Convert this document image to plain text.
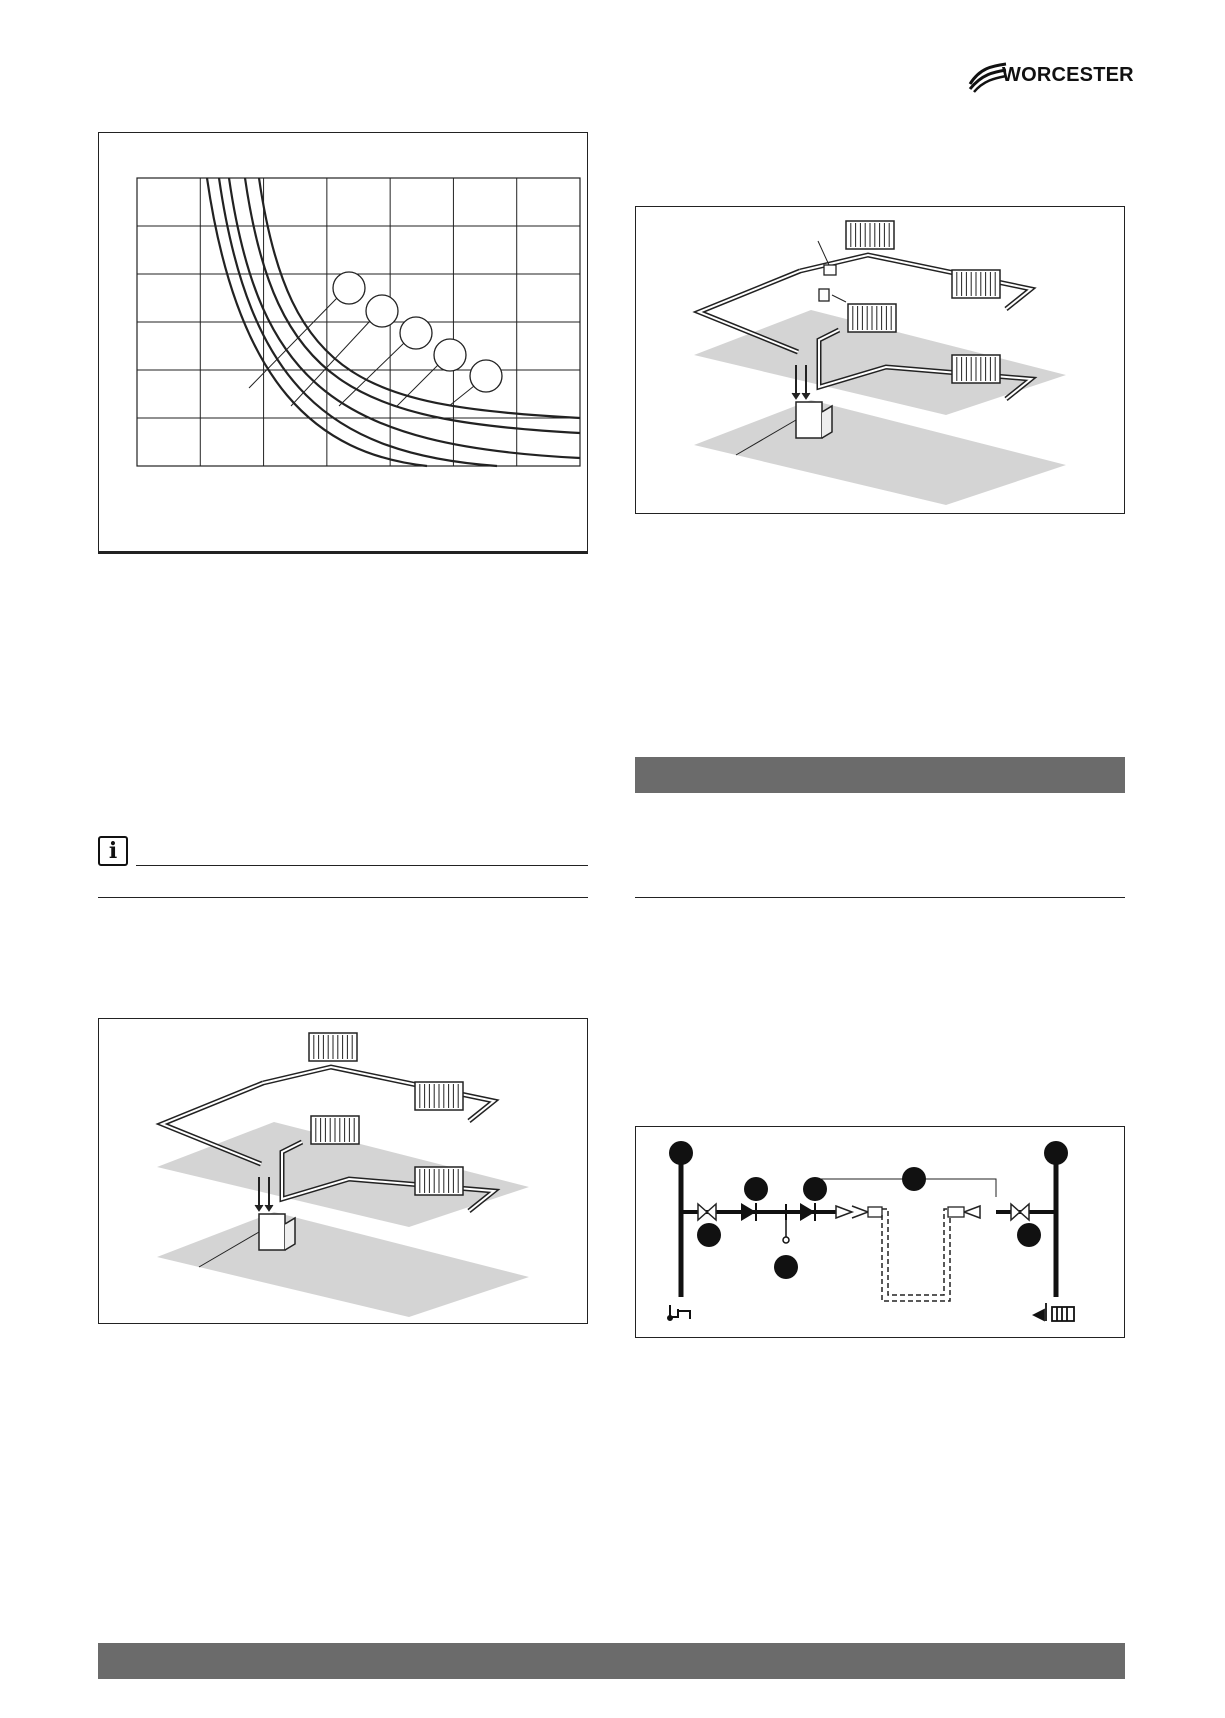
WORCESTER
i
